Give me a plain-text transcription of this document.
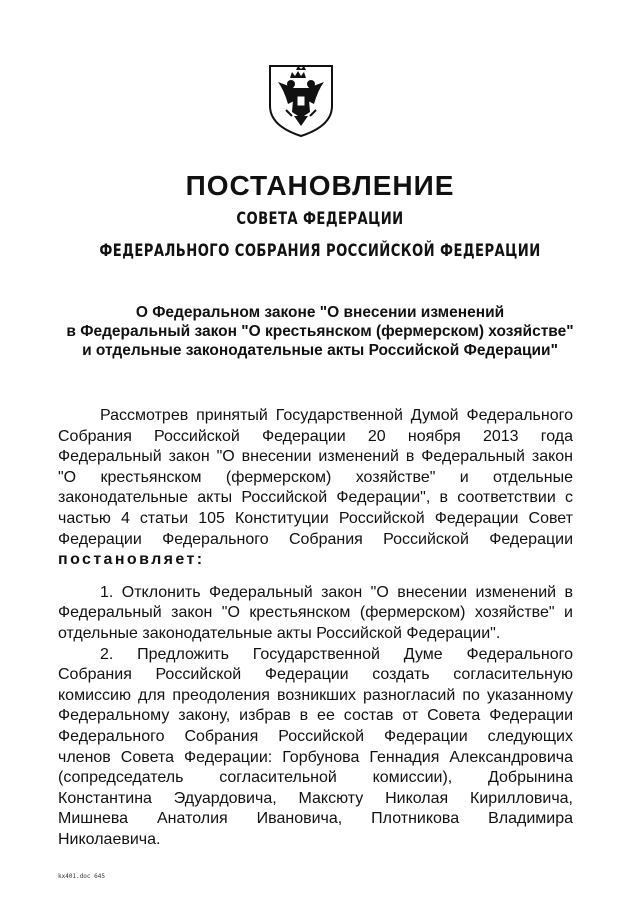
ПОСТАНОВЛЕНИЕ
СОВЕТА ФЕДЕРАЦИИ
ФЕДЕРАЛЬНОГО СОБРАНИЯ РОССИЙСКОЙ ФЕДЕРАЦИИ
О Федеральном законе "О внесении изменений
в Федеральный закон "О крестьянском (фермерском) хозяйстве"
и отдельные законодательные акты Российской Федерации"
Рассмотрев принятый Государственной Думой Федерального
Собрания Российской Федерации 20 ноября 2013 года
Федеральный закон "О внесении изменений в Федеральный закон
"О крестьянском (фермерском) хозяйстве" и отдельные
законодательные акты Российской Федерации", в соответствии с
частью 4 статьи 105 Конституции Российской Федерации Совет
Федерации Федерального Собрания Российской Федерации
постановляет:
1. Отклонить Федеральный закон "О внесении изменений в
Федеральный закон "О крестьянском (фермерском) хозяйстве" и
отдельные законодательные акты Российской Федерации".
2. Предложить Государственной Думе Федерального
Собрания Российской Федерации создать согласительную
комиссию для преодоления возникших разногласий по указанному
Федеральному закону, избрав в ее состав от Совета Федерации
Федерального Собрания Российской Федерации следующих
членов Совета Федерации: Горбунова Геннадия Александровича
(сопредседатель согласительной комиссии), Добрынина
Константина Эдуардовича, Максюту Николая Кирилловича,
Мишнева Анатолия Ивановича, Плотникова Владимира
Николаевича.
kx401.doc 645
